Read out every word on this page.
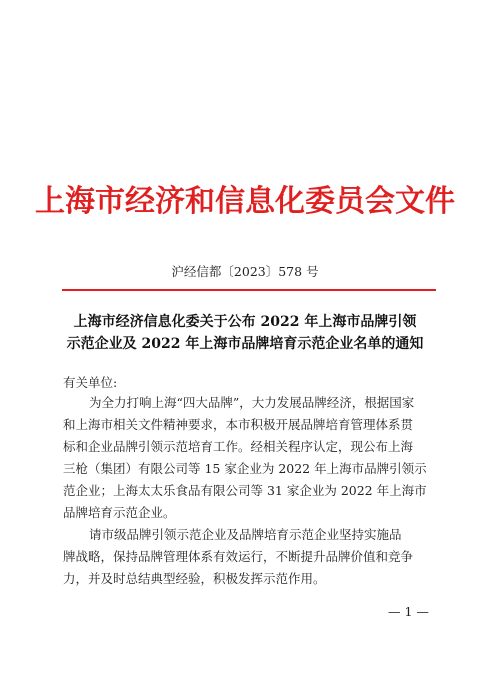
上海市经济和信息化委员会文件
沪经信都〔2023〕578 号
上海市经济信息化委关于公布 2022 年上海市品牌引领
示范企业及 2022 年上海市品牌培育示范企业名单的通知
有关单位:
为全力打响上海“四大品牌”，大力发展品牌经济，根据国家
和上海市相关文件精神要求，本市积极开展品牌培育管理体系贯
标和企业品牌引领示范培育工作。经相关程序认定，现公布上海
三枪（集团）有限公司等 15 家企业为 2022 年上海市品牌引领示
范企业；上海太太乐食品有限公司等 31 家企业为 2022 年上海市
品牌培育示范企业。
请市级品牌引领示范企业及品牌培育示范企业坚持实施品
牌战略，保持品牌管理体系有效运行，不断提升品牌价值和竞争
力，并及时总结典型经验，积极发挥示范作用。
— 1 —
